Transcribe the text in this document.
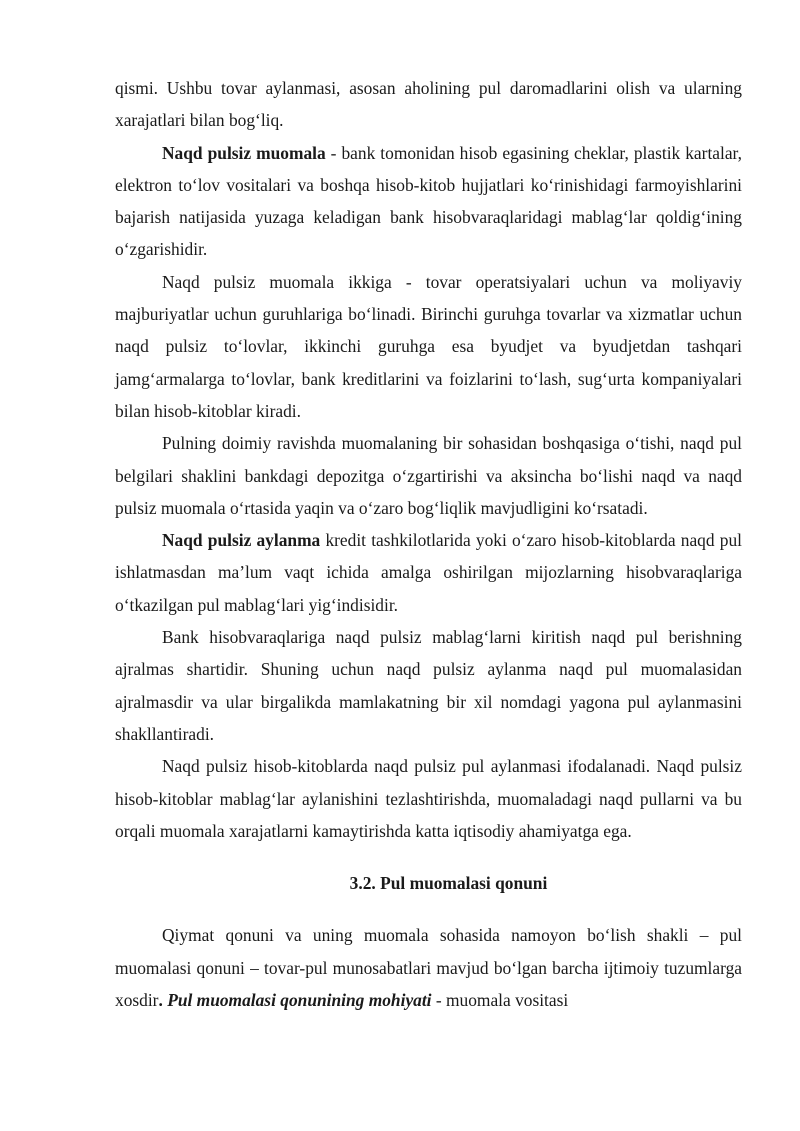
qismi. Ushbu tovar aylanmasi, asosan aholining pul daromadlarini olish va ularning xarajatlari bilan bog‘liq.

Naqd pulsiz muomala - bank tomonidan hisob egasining cheklar, plastik kartalar, elektron to‘lov vositalari va boshqa hisob-kitob hujjatlari ko‘rinishidagi farmoyishlarini bajarish natijasida yuzaga keladigan bank hisobvaraqlaridagi mablag‘lar qoldig‘ining o‘zgarishidir.

Naqd pulsiz muomala ikkiga - tovar operatsiyalari uchun va moliyaviy majburiyatlar uchun guruhlariga bo‘linadi. Birinchi guruhga tovarlar va xizmatlar uchun naqd pulsiz to‘lovlar, ikkinchi guruhga esa byudjet va byudjetdan tashqari jamg‘armalarga to‘lovlar, bank kreditlarini va foizlarini to‘lash, sug‘urta kompaniyalari bilan hisob-kitoblar kiradi.

Pulning doimiy ravishda muomalaning bir sohasidan boshqasiga o‘tishi, naqd pul belgilari shaklini bankdagi depozitga o‘zgartirishi va aksincha bo‘lishi naqd va naqd pulsiz muomala o‘rtasida yaqin va o‘zaro bog‘liqlik mavjudligini ko‘rsatadi.

Naqd pulsiz aylanma kredit tashkilotlarida yoki o‘zaro hisob-kitoblarda naqd pul ishlatmasdan ma’lum vaqt ichida amalga oshirilgan mijozlarning hisobvaraqlariga o‘tkazilgan pul mablag‘lari yig‘indisidir.

Bank hisobvaraqlariga naqd pulsiz mablag‘larni kiritish naqd pul berishning ajralmas shartidir. Shuning uchun naqd pulsiz aylanma naqd pul muomalasidan ajralmasdir va ular birgalikda mamlakatning bir xil nomdagi yagona pul aylanmasini shakllantiradi.

Naqd pulsiz hisob-kitoblarda naqd pulsiz pul aylanmasi ifodalanadi. Naqd pulsiz hisob-kitoblar mablag‘lar aylanishini tezlashtirishda, muomaladagi naqd pullarni va bu orqali muomala xarajatlarni kamaytirishda katta iqtisodiy ahamiyatga ega.

3.2. Pul muomalasi qonuni

Qiymat qonuni va uning muomala sohasida namoyon bo‘lish shakli – pul muomalasi qonuni – tovar-pul munosabatlari mavjud bo‘lgan barcha ijtimoiy tuzumlarga xosdir. Pul muomalasi qonunining mohiyati - muomala vositasi
